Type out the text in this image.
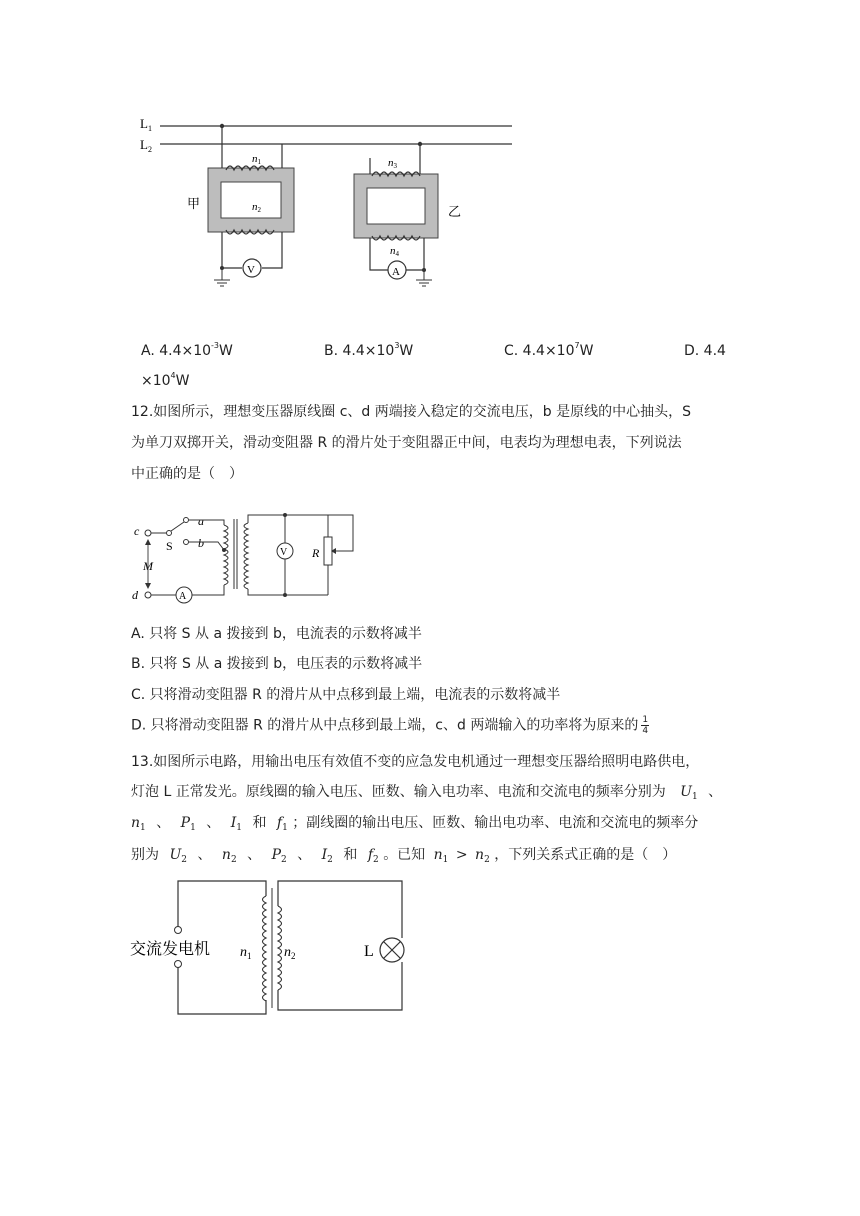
$L_1$
$L_2$
V
n1
n2
甲
A
n3
n4
乙
A. $4.4\times 10^{-3}W$	B. $4.4\times 10^3W$	C. $4.4\times 10^7W$	D. 4.4
$\times 10^4W$
12.如图所示，理想变压器原线圈 c、d 两端接入稳定的交流电压，b 是原线的中心抽头，S
为单刀双掷开关，滑动变阻器 R 的滑片处于变阻器正中间，电表均为理想电表，下列说法
中正确的是（　）
c
d
a
b
M
R
S
A
V
A. 只将 S 从 a 拨接到 b，电流表的示数将减半
B. 只将 S 从 a 拨接到 b，电压表的示数将减半
C. 只将滑动变阻器 R 的滑片从中点移到最上端，电流表的示数将减半
D. 只将滑动变阻器 R 的滑片从中点移到最上端，c、d 两端输入的功率将为原来的 $\frac{1}{4}$
13.如图所示电路，用输出电压有效值不变的应急发电机通过一理想变压器给照明电路供电，
灯泡 L 正常发光。原线圈的输入电压、匝数、输入电功率、电流和交流电的频率分别为 $U_1$ 、
$n_1$ 、 $P_1$ 、 $I_1$ 和 $f_1$ ；副线圈的输出电压、匝数、输出电功率、电流和交流电的频率分
别为 $U_2$ 、 $n_2$ 、 $P_2$ 、 $I_2$ 和 $f_2$ 。已知 $n_1 > n_2$ ，下列关系式正确的是（　）
交流发电机 $n_1$ $n_2$	L
